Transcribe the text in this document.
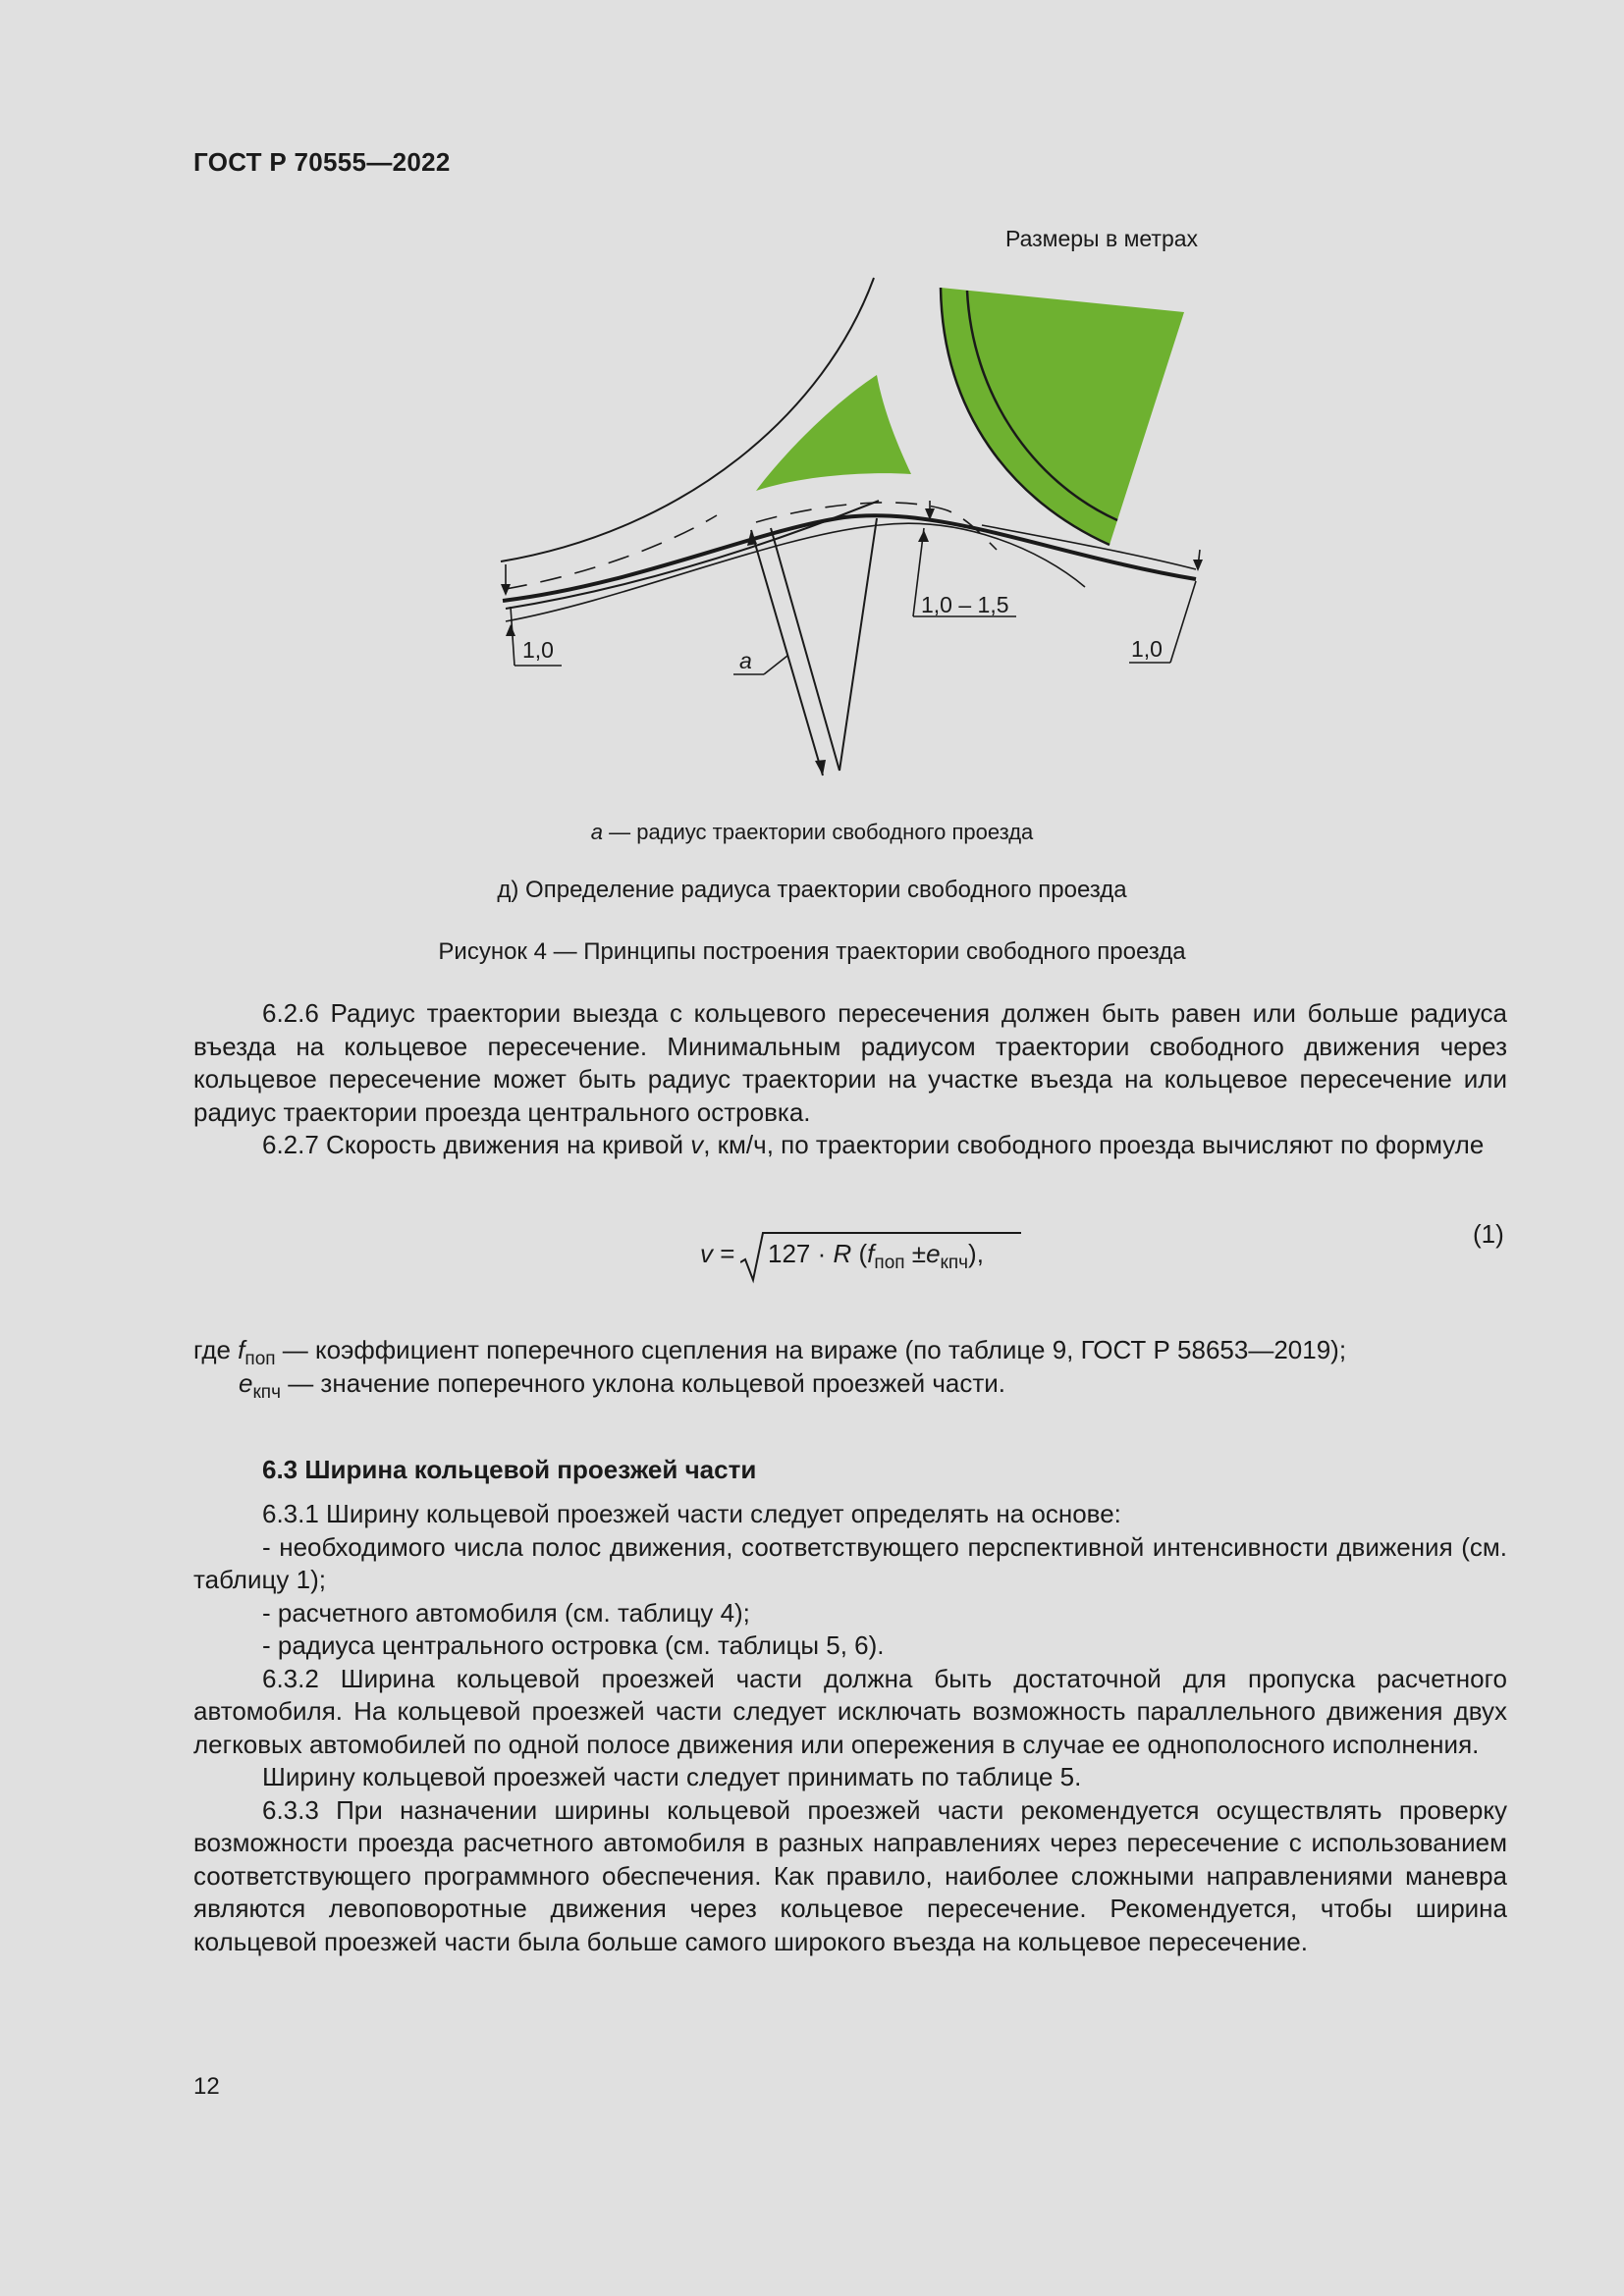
ГОСТ Р 70555—2022
Размеры в метрах
1,0
1,0 – 1,5
1,0
a
a — радиус траектории свободного проезда
д) Определение радиуса траектории свободного проезда
Рисунок 4 — Принципы построения траектории свободного проезда

6.2.6 Радиус траектории выезда с кольцевого пересечения должен быть равен или больше радиуса въезда на кольцевое пересечение. Минимальным радиусом траектории свободного движения через кольцевое пересечение может быть радиус траектории на участке въезда на кольцевое пересечение или радиус траектории проезда центрального островка.

6.2.7 Скорость движения на кривой v, км/ч, по траектории свободного проезда вычисляют по формуле

v = 127 · R $(f_{поп} \pm e_{кпч})$,
(1)
где $f_{поп}$ — коэффициент поперечного сцепления на вираже (по таблице 9, ГОСТ Р 58653—2019);
$e_{кпч}$ — значение поперечного уклона кольцевой проезжей части.
6.3 Ширина кольцевой проезжей части

6.3.1 Ширину кольцевой проезжей части следует определять на основе:

- необходимого числа полос движения, соответствующего перспективной интенсивности движения (см. таблицу 1);

- расчетного автомобиля (см. таблицу 4);

- радиуса центрального островка (см. таблицы 5, 6).

6.3.2 Ширина кольцевой проезжей части должна быть достаточной для пропуска расчетного автомобиля. На кольцевой проезжей части следует исключать возможность параллельного движения двух легковых автомобилей по одной полосе движения или опережения в случае ее однополосного исполнения.

Ширину кольцевой проезжей части следует принимать по таблице 5.

6.3.3 При назначении ширины кольцевой проезжей части рекомендуется осуществлять проверку возможности проезда расчетного автомобиля в разных направлениях через пересечение с использованием соответствующего программного обеспечения. Как правило, наиболее сложными направлениями маневра являются левоповоротные движения через кольцевое пересечение. Рекомендуется, чтобы ширина кольцевой проезжей части была больше самого широкого въезда на кольцевое пересечение.

12
